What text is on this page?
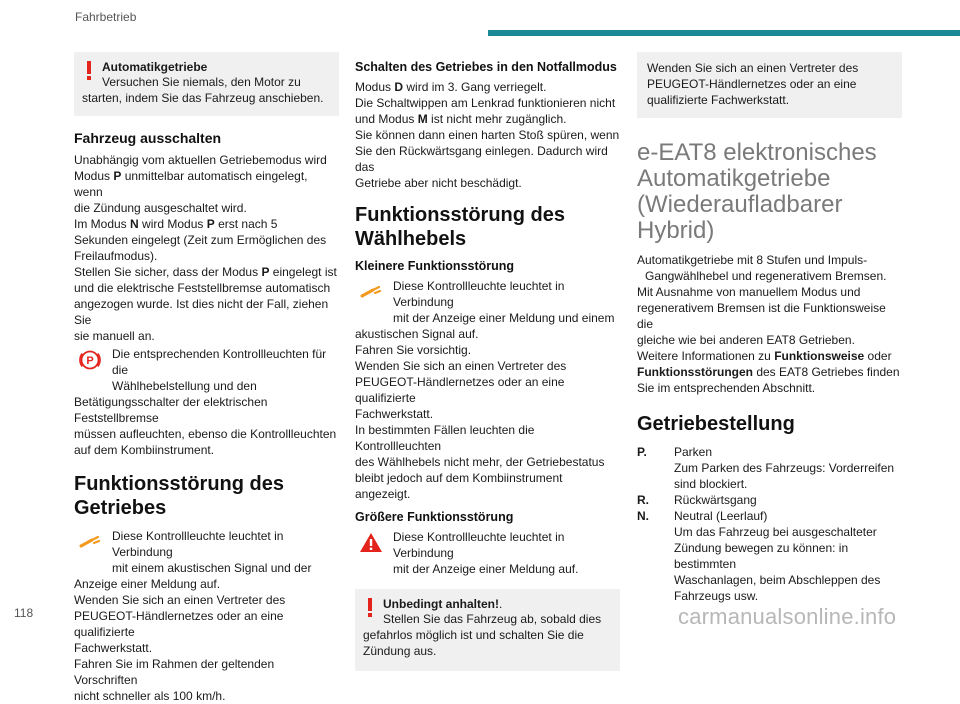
Fahrbetrieb
Automatikgetriebe
Versuchen Sie niemals, den Motor zu
starten, indem Sie das Fahrzeug anschieben.
Fahrzeug ausschalten
Unabhängig vom aktuellen Getriebemodus wird
Modus P unmittelbar automatisch eingelegt, wenn
die Zündung ausgeschaltet wird.
Im Modus N wird Modus P erst nach 5
Sekunden eingelegt (Zeit zum Ermöglichen des
Freilaufmodus).
Stellen Sie sicher, dass der Modus P eingelegt ist
und die elektrische Feststellbremse automatisch
angezogen wurde. Ist dies nicht der Fall, ziehen Sie
sie manuell an.
P Die entsprechenden Kontrollleuchten für die
Wählhebelstellung und den
Betätigungsschalter der elektrischen Feststellbremse
müssen aufleuchten, ebenso die Kontrollleuchten
auf dem Kombiinstrument.
Funktionsstörung des
Getriebes
Diese Kontrollleuchte leuchtet in Verbindung
mit einem akustischen Signal und der
Anzeige einer Meldung auf.
Wenden Sie sich an einen Vertreter des
PEUGEOT-Händlernetzes oder an eine qualifizierte
Fachwerkstatt.
Fahren Sie im Rahmen der geltenden Vorschriften
nicht schneller als 100 km/h.
Schalten des Getriebes in den Notfallmodus
Modus D wird im 3. Gang verriegelt.
Die Schaltwippen am Lenkrad funktionieren nicht
und Modus M ist nicht mehr zugänglich.
Sie können dann einen harten Stoß spüren, wenn
Sie den Rückwärtsgang einlegen. Dadurch wird das
Getriebe aber nicht beschädigt.
Funktionsstörung des
Wählhebels
Kleinere Funktionsstörung
Diese Kontrollleuchte leuchtet in Verbindung
mit der Anzeige einer Meldung und einem
akustischen Signal auf.
Fahren Sie vorsichtig.
Wenden Sie sich an einen Vertreter des
PEUGEOT-Händlernetzes oder an eine qualifizierte
Fachwerkstatt.
In bestimmten Fällen leuchten die Kontrollleuchten
des Wählhebels nicht mehr, der Getriebestatus
bleibt jedoch auf dem Kombiinstrument angezeigt.
Größere Funktionsstörung
Diese Kontrollleuchte leuchtet in Verbindung
mit der Anzeige einer Meldung auf.
Unbedingt anhalten!.
Stellen Sie das Fahrzeug ab, sobald dies
gefahrlos möglich ist und schalten Sie die
Zündung aus.
Wenden Sie sich an einen Vertreter des
PEUGEOT-Händlernetzes oder an eine
qualifizierte Fachwerkstatt.
e-EAT8 elektronisches
Automatikgetriebe
(Wiederaufladbarer Hybrid)
Automatikgetriebe mit 8 Stufen und Impuls-
Gangwählhebel und regenerativem Bremsen.
Mit Ausnahme von manuellem Modus und
regenerativem Bremsen ist die Funktionsweise die
gleiche wie bei anderen EAT8 Getrieben.
Weitere Informationen zu Funktionsweise oder
Funktionsstörungen des EAT8 Getriebes finden
Sie im entsprechenden Abschnitt.
Getriebestellung
P.	Parken
Zum Parken des Fahrzeugs: Vorderreifen
sind blockiert.
R.	Rückwärtsgang
N.	Neutral (Leerlauf)
Um das Fahrzeug bei ausgeschalteter
Zündung bewegen zu können: in bestimmten
Waschanlagen, beim Abschleppen des
Fahrzeugs usw.
118	carmanualsonline.info
